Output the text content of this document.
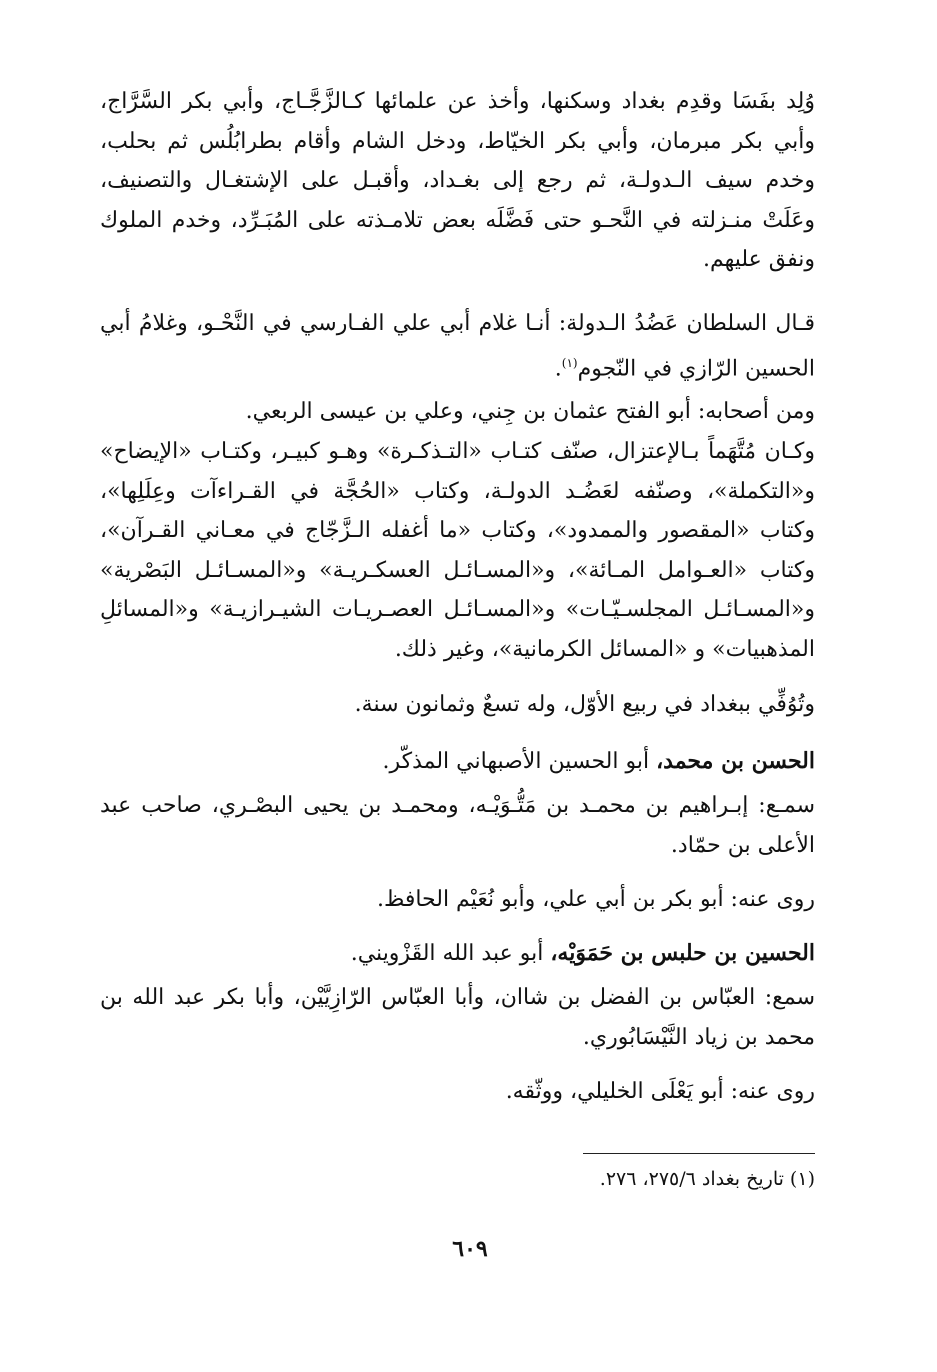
وُلِد بفَسَا وقدِم بغداد وسكنها، وأخذ عن علمائها كـالزَّجَّـاج، وأبي بكر السَّرَّاج، وأبي بكر مبرمان، وأبي بكر الخيّاط، ودخل الشام وأقام بطرابُلُس ثم بحلب، وخدم سيف الـدولـة، ثم رجع إلى بغـداد، وأقبـل على الإشتغـال والتصنيف، وعَلَتْ منـزلته في النَّحـو حتى فَضَّلَه بعض تلامـذته على المُبَـرِّد، وخدم الملوك ونفق عليهم.

قـال السلطان عَضُدُ الـدولة: أنـا غلام أبي علي الفـارسي في النَّحْـو، وغلامُ أبي الحسين الرّازي في النّجوم$^{(١)}$.

ومن أصحابه: أبو الفتح عثمان بن جِني، وعلي بن عيسى الربعي.

وكـان مُتَّهَماً بـالإعتزال، صنّف كتـاب «التـذكـرة» وهـو كبيـر، وكتـاب «الإيضاح» و«التكملة»، وصنّفه لعَضُـد الدولـة، وكتاب «الحُجَّة في القـراءآت وعِلَلِها»، وكتاب «المقصور والممدود»، وكتاب «ما أغفله الـزَّجّاج في معـاني القـرآن»، وكتاب «العـوامل المـائة»، و«المسـائـل العسكـريـة» و«المسـائـل البَصْرية» و«المسـائـل المجلسـيّـات» و«المسـائـل العصـريـات الشيـرازيـة» و«المسائلِ المذهبيات» و «المسائل الكرمانية»، وغير ذلك.

وتُوُفِّي ببغداد في ربيع الأوّل، وله تسعٌ وثمانون سنة.

الحسن بن محمد، أبو الحسين الأصبهاني المذكّر.

سمـع: إبـراهيم بن محمـد بن مَتُّـوَيْـه، ومحمـد بن يحيى البصْـري، صاحب عبد الأعلى بن حمّاد.

روى عنه: أبو بكر بن أبي علي، وأبو نُعَيْم الحافظ.

الحسين بن حلبس بن حَمَوَيْه، أبو عبد الله القَزْويني.

سمع: العبّاس بن الفضل بن شاان، وأبا العبّاس الرّازِيَّيْن، وأبا بكر عبد الله بن محمد بن زياد النَّيْسَابُوري.

روى عنه: أبو يَعْلَى الخليلي، ووثّقه.

(١) تاريخ بغداد ٢٧٥/٦، ٢٧٦.

٦٠٩
